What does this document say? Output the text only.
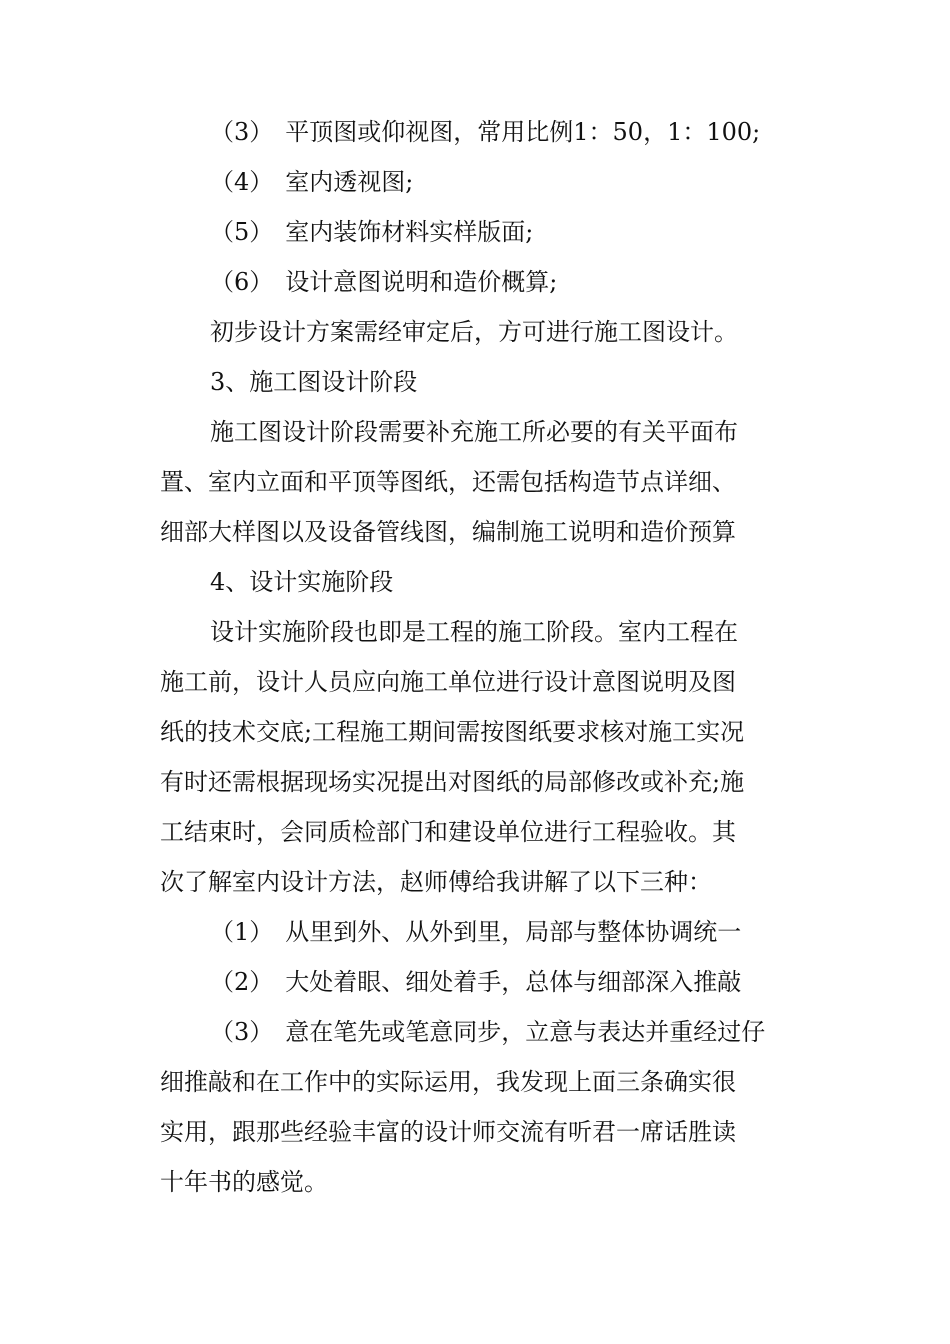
（3）　平顶图或仰视图，常用比例1：50，1：100;
（4）　室内透视图;
（5）　室内装饰材料实样版面;
（6）　设计意图说明和造价概算;
初步设计方案需经审定后，方可进行施工图设计。
3、施工图设计阶段
施工图设计阶段需要补充施工所必要的有关平面布
置、室内立面和平顶等图纸，还需包括构造节点详细、
细部大样图以及设备管线图，编制施工说明和造价预算
4、设计实施阶段
设计实施阶段也即是工程的施工阶段。室内工程在
施工前，设计人员应向施工单位进行设计意图说明及图
纸的技术交底;工程施工期间需按图纸要求核对施工实况
有时还需根据现场实况提出对图纸的局部修改或补充;施
工结束时，会同质检部门和建设单位进行工程验收。其
次了解室内设计方法，赵师傅给我讲解了以下三种：
（1）　从里到外、从外到里，局部与整体协调统一
（2）　大处着眼、细处着手，总体与细部深入推敲
（3）　意在笔先或笔意同步，立意与表达并重经过仔
细推敲和在工作中的实际运用，我发现上面三条确实很
实用，跟那些经验丰富的设计师交流有听君一席话胜读
十年书的感觉。
